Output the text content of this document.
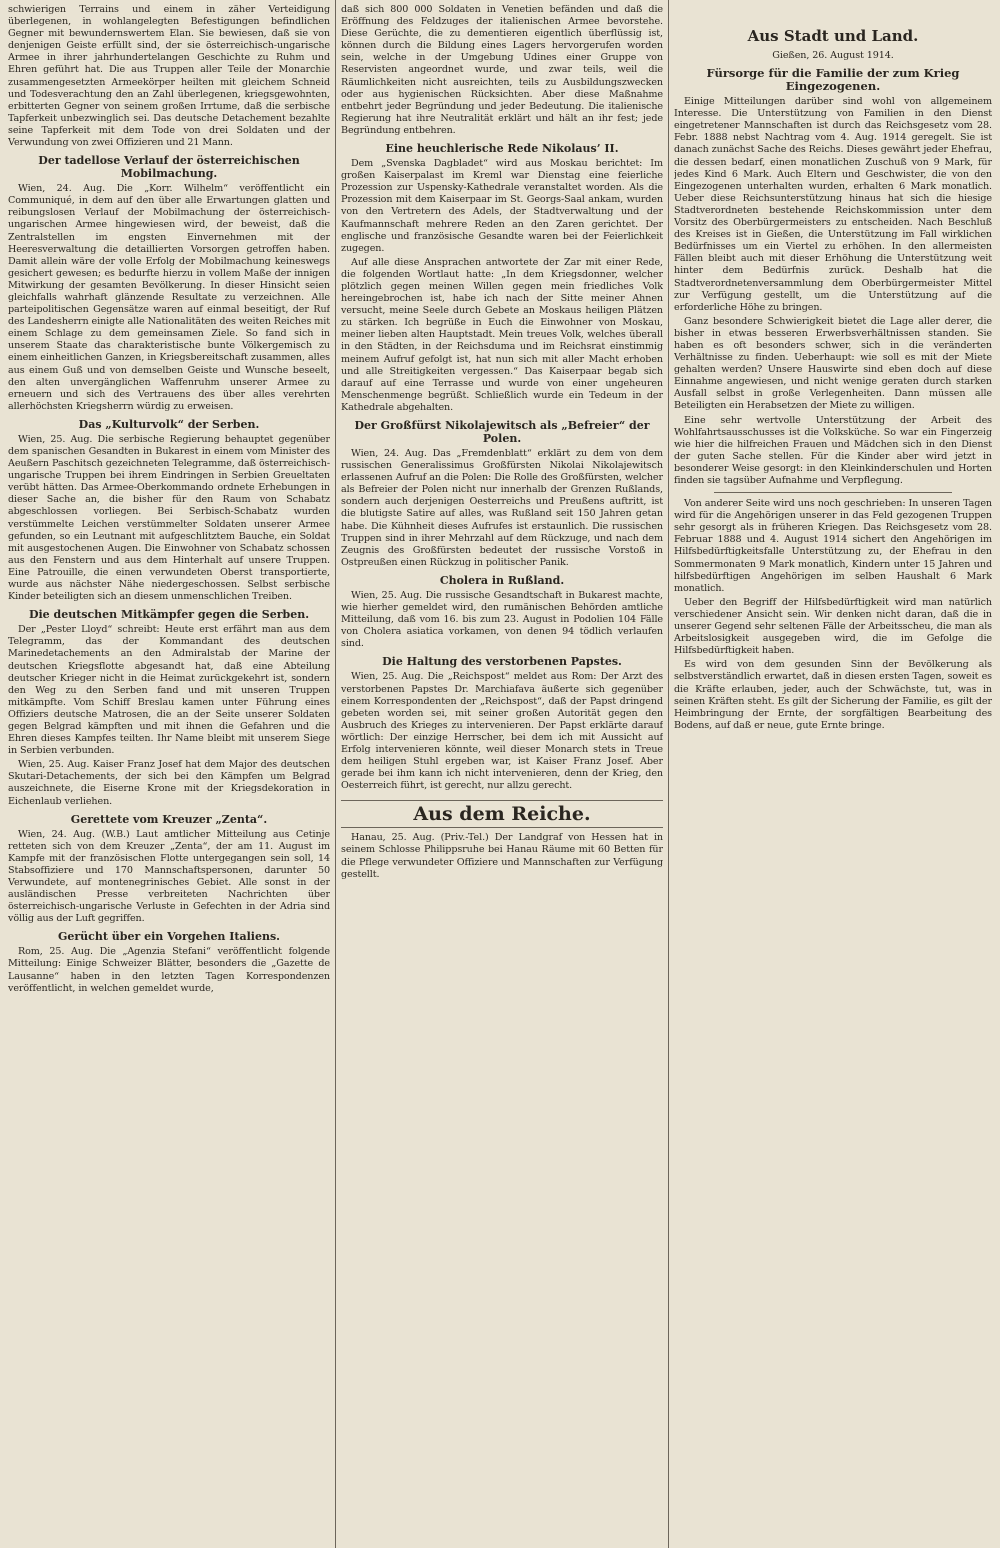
schwierigen Terrains und einem in zäher Verteidigung überlegenen, in wohlangelegten Befestigungen befindlichen Gegner mit bewundernswertem Elan. Sie bewiesen, daß sie von denjenigen Geiste erfüllt sind, der sie österreichisch-ungarische Armee in ihrer jahrhundertelangen Geschichte zu Ruhm und Ehren geführt hat. Die aus Truppen aller Teile der Monarchie zusammengesetzten Armeekörper heilten mit gleichem Schneid und Todesverachtung den an Zahl überlegenen, kriegsgewohnten, erbitterten Gegner von seinem großen Irrtume, daß die serbische Tapferkeit unbezwinglich sei. Das deutsche Detachement bezahlte seine Tapferkeit mit dem Tode von drei Soldaten und der Verwundung von zwei Offizieren und 21 Mann.

Der tadellose Verlauf der österreichischen Mobilmachung.

Wien, 24. Aug. Die „Korr. Wilhelm“ veröffentlicht ein Communiqué, in dem auf den über alle Erwartungen glatten und reibungslosen Verlauf der Mobilmachung der österreichisch-ungarischen Armee hingewiesen wird, der beweist, daß die Zentralstellen im engsten Einvernehmen mit der Heeresverwaltung die detaillierten Vorsorgen getroffen haben. Damit allein wäre der volle Erfolg der Mobilmachung keineswegs gesichert gewesen; es bedurfte hierzu in vollem Maße der innigen Mitwirkung der gesamten Bevölkerung. In dieser Hinsicht seien gleichfalls wahrhaft glänzende Resultate zu verzeichnen. Alle parteipolitischen Gegensätze waren auf einmal beseitigt, der Ruf des Landesherrn einigte alle Nationalitäten des weiten Reiches mit einem Schlage zu dem gemeinsamen Ziele. So fand sich in unserem Staate das charakteristische bunte Völkergemisch zu einem einheitlichen Ganzen, in Kriegsbereitschaft zusammen, alles aus einem Guß und von demselben Geiste und Wunsche beseelt, den alten unvergänglichen Waffenruhm unserer Armee zu erneuern und sich des Vertrauens des über alles verehrten allerhöchsten Kriegsherrn würdig zu erweisen.

Das „Kulturvolk“ der Serben.

Wien, 25. Aug. Die serbische Regierung behauptet gegenüber dem spanischen Gesandten in Bukarest in einem vom Minister des Aeußern Paschitsch gezeichneten Telegramme, daß österreichisch-ungarische Truppen bei ihrem Eindringen in Serbien Greueltaten verübt hätten. Das Armee-Oberkommando ordnete Erhebungen in dieser Sache an, die bisher für den Raum von Schabatz abgeschlossen vorliegen. Bei Serbisch-Schabatz wurden verstümmelte Leichen verstümmelter Soldaten unserer Armee gefunden, so ein Leutnant mit aufgeschlitztem Bauche, ein Soldat mit ausgestochenen Augen. Die Einwohner von Schabatz schossen aus den Fenstern und aus dem Hinterhalt auf unsere Truppen. Eine Patrouille, die einen verwundeten Oberst transportierte, wurde aus nächster Nähe niedergeschossen. Selbst serbische Kinder beteiligten sich an diesem unmenschlichen Treiben.

Die deutschen Mitkämpfer gegen die Serben.

Der „Pester Lloyd“ schreibt: Heute erst erfährt man aus dem Telegramm, das der Kommandant des deutschen Marinedetachements an den Admiralstab der Marine der deutschen Kriegsflotte abgesandt hat, daß eine Abteilung deutscher Krieger nicht in die Heimat zurückgekehrt ist, sondern den Weg zu den Serben fand und mit unseren Truppen mitkämpfte. Vom Schiff Breslau kamen unter Führung eines Offiziers deutsche Matrosen, die an der Seite unserer Soldaten gegen Belgrad kämpften und mit ihnen die Gefahren und die Ehren dieses Kampfes teilten. Ihr Name bleibt mit unserem Siege in Serbien verbunden.

Wien, 25. Aug. Kaiser Franz Josef hat dem Major des deutschen Skutari-Detachements, der sich bei den Kämpfen um Belgrad auszeichnete, die Eiserne Krone mit der Kriegsdekoration in Eichenlaub verliehen.

Gerettete vom Kreuzer „Zenta“.

Wien, 24. Aug. (W.B.) Laut amtlicher Mitteilung aus Cetinje retteten sich von dem Kreuzer „Zenta“, der am 11. August im Kampfe mit der französischen Flotte untergegangen sein soll, 14 Stabsoffiziere und 170 Mannschaftspersonen, darunter 50 Verwundete, auf montenegrinisches Gebiet. Alle sonst in der ausländischen Presse verbreiteten Nachrichten über österreichisch-ungarische Verluste in Gefechten in der Adria sind völlig aus der Luft gegriffen.

Gerücht über ein Vorgehen Italiens.

Rom, 25. Aug. Die „Agenzia Stefani“ veröffentlicht folgende Mitteilung: Einige Schweizer Blätter, besonders die „Gazette de Lausanne“ haben in den letzten Tagen Korrespondenzen veröffentlicht, in welchen gemeldet wurde,

daß sich 800 000 Soldaten in Venetien befänden und daß die Eröffnung des Feldzuges der italienischen Armee bevorstehe. Diese Gerüchte, die zu dementieren eigentlich überflüssig ist, können durch die Bildung eines Lagers hervorgerufen worden sein, welche in der Umgebung Udines einer Gruppe von Reservisten angeordnet wurde, und zwar teils, weil die Räumlichkeiten nicht ausreichten, teils zu Ausbildungszwecken oder aus hygienischen Rücksichten. Aber diese Maßnahme entbehrt jeder Begründung und jeder Bedeutung. Die italienische Regierung hat ihre Neutralität erklärt und hält an ihr fest; jede Begründung entbehren.

Eine heuchlerische Rede Nikolaus’ II.

Dem „Svenska Dagbladet“ wird aus Moskau berichtet: Im großen Kaiserpalast im Kreml war Dienstag eine feierliche Prozession zur Uspensky-Kathedrale veranstaltet worden. Als die Prozession mit dem Kaiserpaar im St. Georgs-Saal ankam, wurden von den Vertretern des Adels, der Stadtverwaltung und der Kaufmannschaft mehrere Reden an den Zaren gerichtet. Der englische und französische Gesandte waren bei der Feierlichkeit zugegen.

Auf alle diese Ansprachen antwortete der Zar mit einer Rede, die folgenden Wortlaut hatte: „In dem Kriegsdonner, welcher plötzlich gegen meinen Willen gegen mein friedliches Volk hereingebrochen ist, habe ich nach der Sitte meiner Ahnen versucht, meine Seele durch Gebete an Moskaus heiligen Plätzen zu stärken. Ich begrüße in Euch die Einwohner von Moskau, meiner lieben alten Hauptstadt. Mein treues Volk, welches überall in den Städten, in der Reichsduma und im Reichsrat einstimmig meinem Aufruf gefolgt ist, hat nun sich mit aller Macht erhoben und alle Streitigkeiten vergessen.“ Das Kaiserpaar begab sich darauf auf eine Terrasse und wurde von einer ungeheuren Menschenmenge begrüßt. Schließlich wurde ein Tedeum in der Kathedrale abgehalten.

Der Großfürst Nikolajewitsch als „Befreier“ der Polen.

Wien, 24. Aug. Das „Fremdenblatt“ erklärt zu dem von dem russischen Generalissimus Großfürsten Nikolai Nikolajewitsch erlassenen Aufruf an die Polen: Die Rolle des Großfürsten, welcher als Befreier der Polen nicht nur innerhalb der Grenzen Rußlands, sondern auch derjenigen Oesterreichs und Preußens auftritt, ist die blutigste Satire auf alles, was Rußland seit 150 Jahren getan habe. Die Kühnheit dieses Aufrufes ist erstaunlich. Die russischen Truppen sind in ihrer Mehrzahl auf dem Rückzuge, und nach dem Zeugnis des Großfürsten bedeutet der russische Vorstoß in Ostpreußen einen Rückzug in politischer Panik.

Cholera in Rußland.

Wien, 25. Aug. Die russische Gesandtschaft in Bukarest machte, wie hierher gemeldet wird, den rumänischen Behörden amtliche Mitteilung, daß vom 16. bis zum 23. August in Podolien 104 Fälle von Cholera asiatica vorkamen, von denen 94 tödlich verlaufen sind.

Die Haltung des verstorbenen Papstes.

Wien, 25. Aug. Die „Reichspost“ meldet aus Rom: Der Arzt des verstorbenen Papstes Dr. Marchiafava äußerte sich gegenüber einem Korrespondenten der „Reichspost“, daß der Papst dringend gebeten worden sei, mit seiner großen Autorität gegen den Ausbruch des Krieges zu intervenieren. Der Papst erklärte darauf wörtlich: Der einzige Herrscher, bei dem ich mit Aussicht auf Erfolg intervenieren könnte, weil dieser Monarch stets in Treue dem heiligen Stuhl ergeben war, ist Kaiser Franz Josef. Aber gerade bei ihm kann ich nicht intervenieren, denn der Krieg, den Oesterreich führt, ist gerecht, nur allzu gerecht.

Aus dem Reiche.

Hanau, 25. Aug. (Priv.-Tel.) Der Landgraf von Hessen hat in seinem Schlosse Philippsruhe bei Hanau Räume mit 60 Betten für die Pflege verwundeter Offiziere und Mannschaften zur Verfügung gestellt.

Aus Stadt und Land.

Gießen, 26. August 1914.

Fürsorge für die Familie der zum Krieg Eingezogenen.

Einige Mitteilungen darüber sind wohl von allgemeinem Interesse. Die Unterstützung von Familien in den Dienst eingetretener Mannschaften ist durch das Reichsgesetz vom 28. Febr. 1888 nebst Nachtrag vom 4. Aug. 1914 geregelt. Sie ist danach zunächst Sache des Reichs. Dieses gewährt jeder Ehefrau, die dessen bedarf, einen monatlichen Zuschuß von 9 Mark, für jedes Kind 6 Mark. Auch Eltern und Geschwister, die von den Eingezogenen unterhalten wurden, erhalten 6 Mark monatlich. Ueber diese Reichsunterstützung hinaus hat sich die hiesige Stadtverordneten bestehende Reichskommission unter dem Vorsitz des Oberbürgermeisters zu entscheiden. Nach Beschluß des Kreises ist in Gießen, die Unterstützung im Fall wirklichen Bedürfnisses um ein Viertel zu erhöhen. In den allermeisten Fällen bleibt auch mit dieser Erhöhung die Unterstützung weit hinter dem Bedürfnis zurück. Deshalb hat die Stadtverordnetenversammlung dem Oberbürgermeister Mittel zur Verfügung gestellt, um die Unterstützung auf die erforderliche Höhe zu bringen.

Ganz besondere Schwierigkeit bietet die Lage aller derer, die bisher in etwas besseren Erwerbsverhältnissen standen. Sie haben es oft besonders schwer, sich in die veränderten Verhältnisse zu finden. Ueberhaupt: wie soll es mit der Miete gehalten werden? Unsere Hauswirte sind eben doch auf diese Einnahme angewiesen, und nicht wenige geraten durch starken Ausfall selbst in große Verlegenheiten. Dann müssen alle Beteiligten ein Herabsetzen der Miete zu willigen.

Eine sehr wertvolle Unterstützung der Arbeit des Wohlfahrtsausschusses ist die Volksküche. So war ein Fingerzeig wie hier die hilfreichen Frauen und Mädchen sich in den Dienst der guten Sache stellen. Für die Kinder aber wird jetzt in besonderer Weise gesorgt: in den Kleinkinderschulen und Horten finden sie tagsüber Aufnahme und Verpflegung.

Von anderer Seite wird uns noch geschrieben: In unseren Tagen wird für die Angehörigen unserer in das Feld gezogenen Truppen sehr gesorgt als in früheren Kriegen. Das Reichsgesetz vom 28. Februar 1888 und 4. August 1914 sichert den Angehörigen im Hilfsbedürftigkeitsfalle Unterstützung zu, der Ehefrau in den Sommermonaten 9 Mark monatlich, Kindern unter 15 Jahren und hilfsbedürftigen Angehörigen im selben Haushalt 6 Mark monatlich.

Ueber den Begriff der Hilfsbedürftigkeit wird man natürlich verschiedener Ansicht sein. Wir denken nicht daran, daß die in unserer Gegend sehr seltenen Fälle der Arbeitsscheu, die man als Arbeitslosigkeit ausgegeben wird, die im Gefolge die Hilfsbedürftigkeit haben.

Es wird von dem gesunden Sinn der Bevölkerung als selbstverständlich erwartet, daß in diesen ersten Tagen, soweit es die Kräfte erlauben, jeder, auch der Schwächste, tut, was in seinen Kräften steht. Es gilt der Sicherung der Familie, es gilt der Heimbringung der Ernte, der sorgfältigen Bearbeitung des Bodens, auf daß er neue, gute Ernte bringe.
